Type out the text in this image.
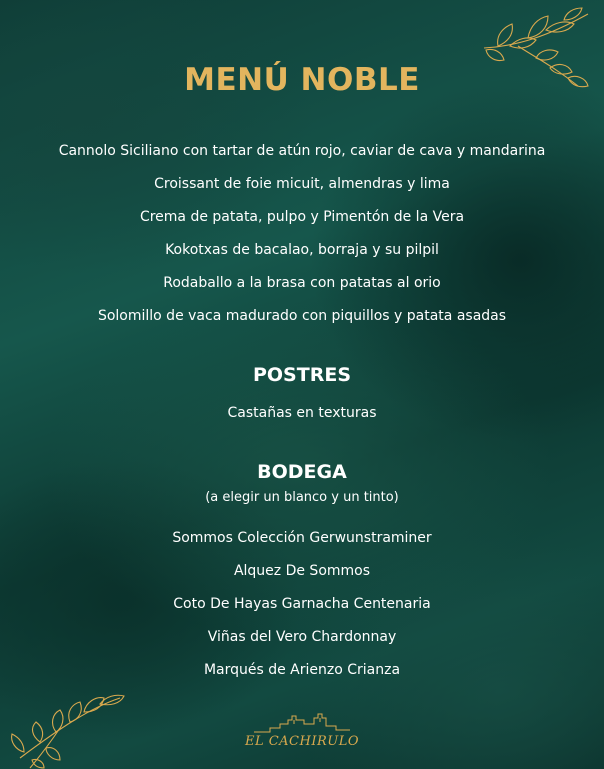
MENÚ NOBLE
Cannolo Siciliano con tartar de atún rojo, caviar de cava y mandarina
Croissant de foie micuit, almendras y lima
Crema de patata, pulpo y Pimentón de la Vera
Kokotxas de bacalao, borraja y su pilpil
Rodaballo a la brasa con patatas al orio
Solomillo de vaca madurado con piquillos y patata asadas
POSTRES
Castañas en texturas
BODEGA
(a elegir un blanco y un tinto)
Sommos Colección Gerwunstraminer
Alquez De Sommos
Coto De Hayas Garnacha Centenaria
Viñas del Vero Chardonnay
Marqués de Arienzo Crianza
EL CACHIRULO
